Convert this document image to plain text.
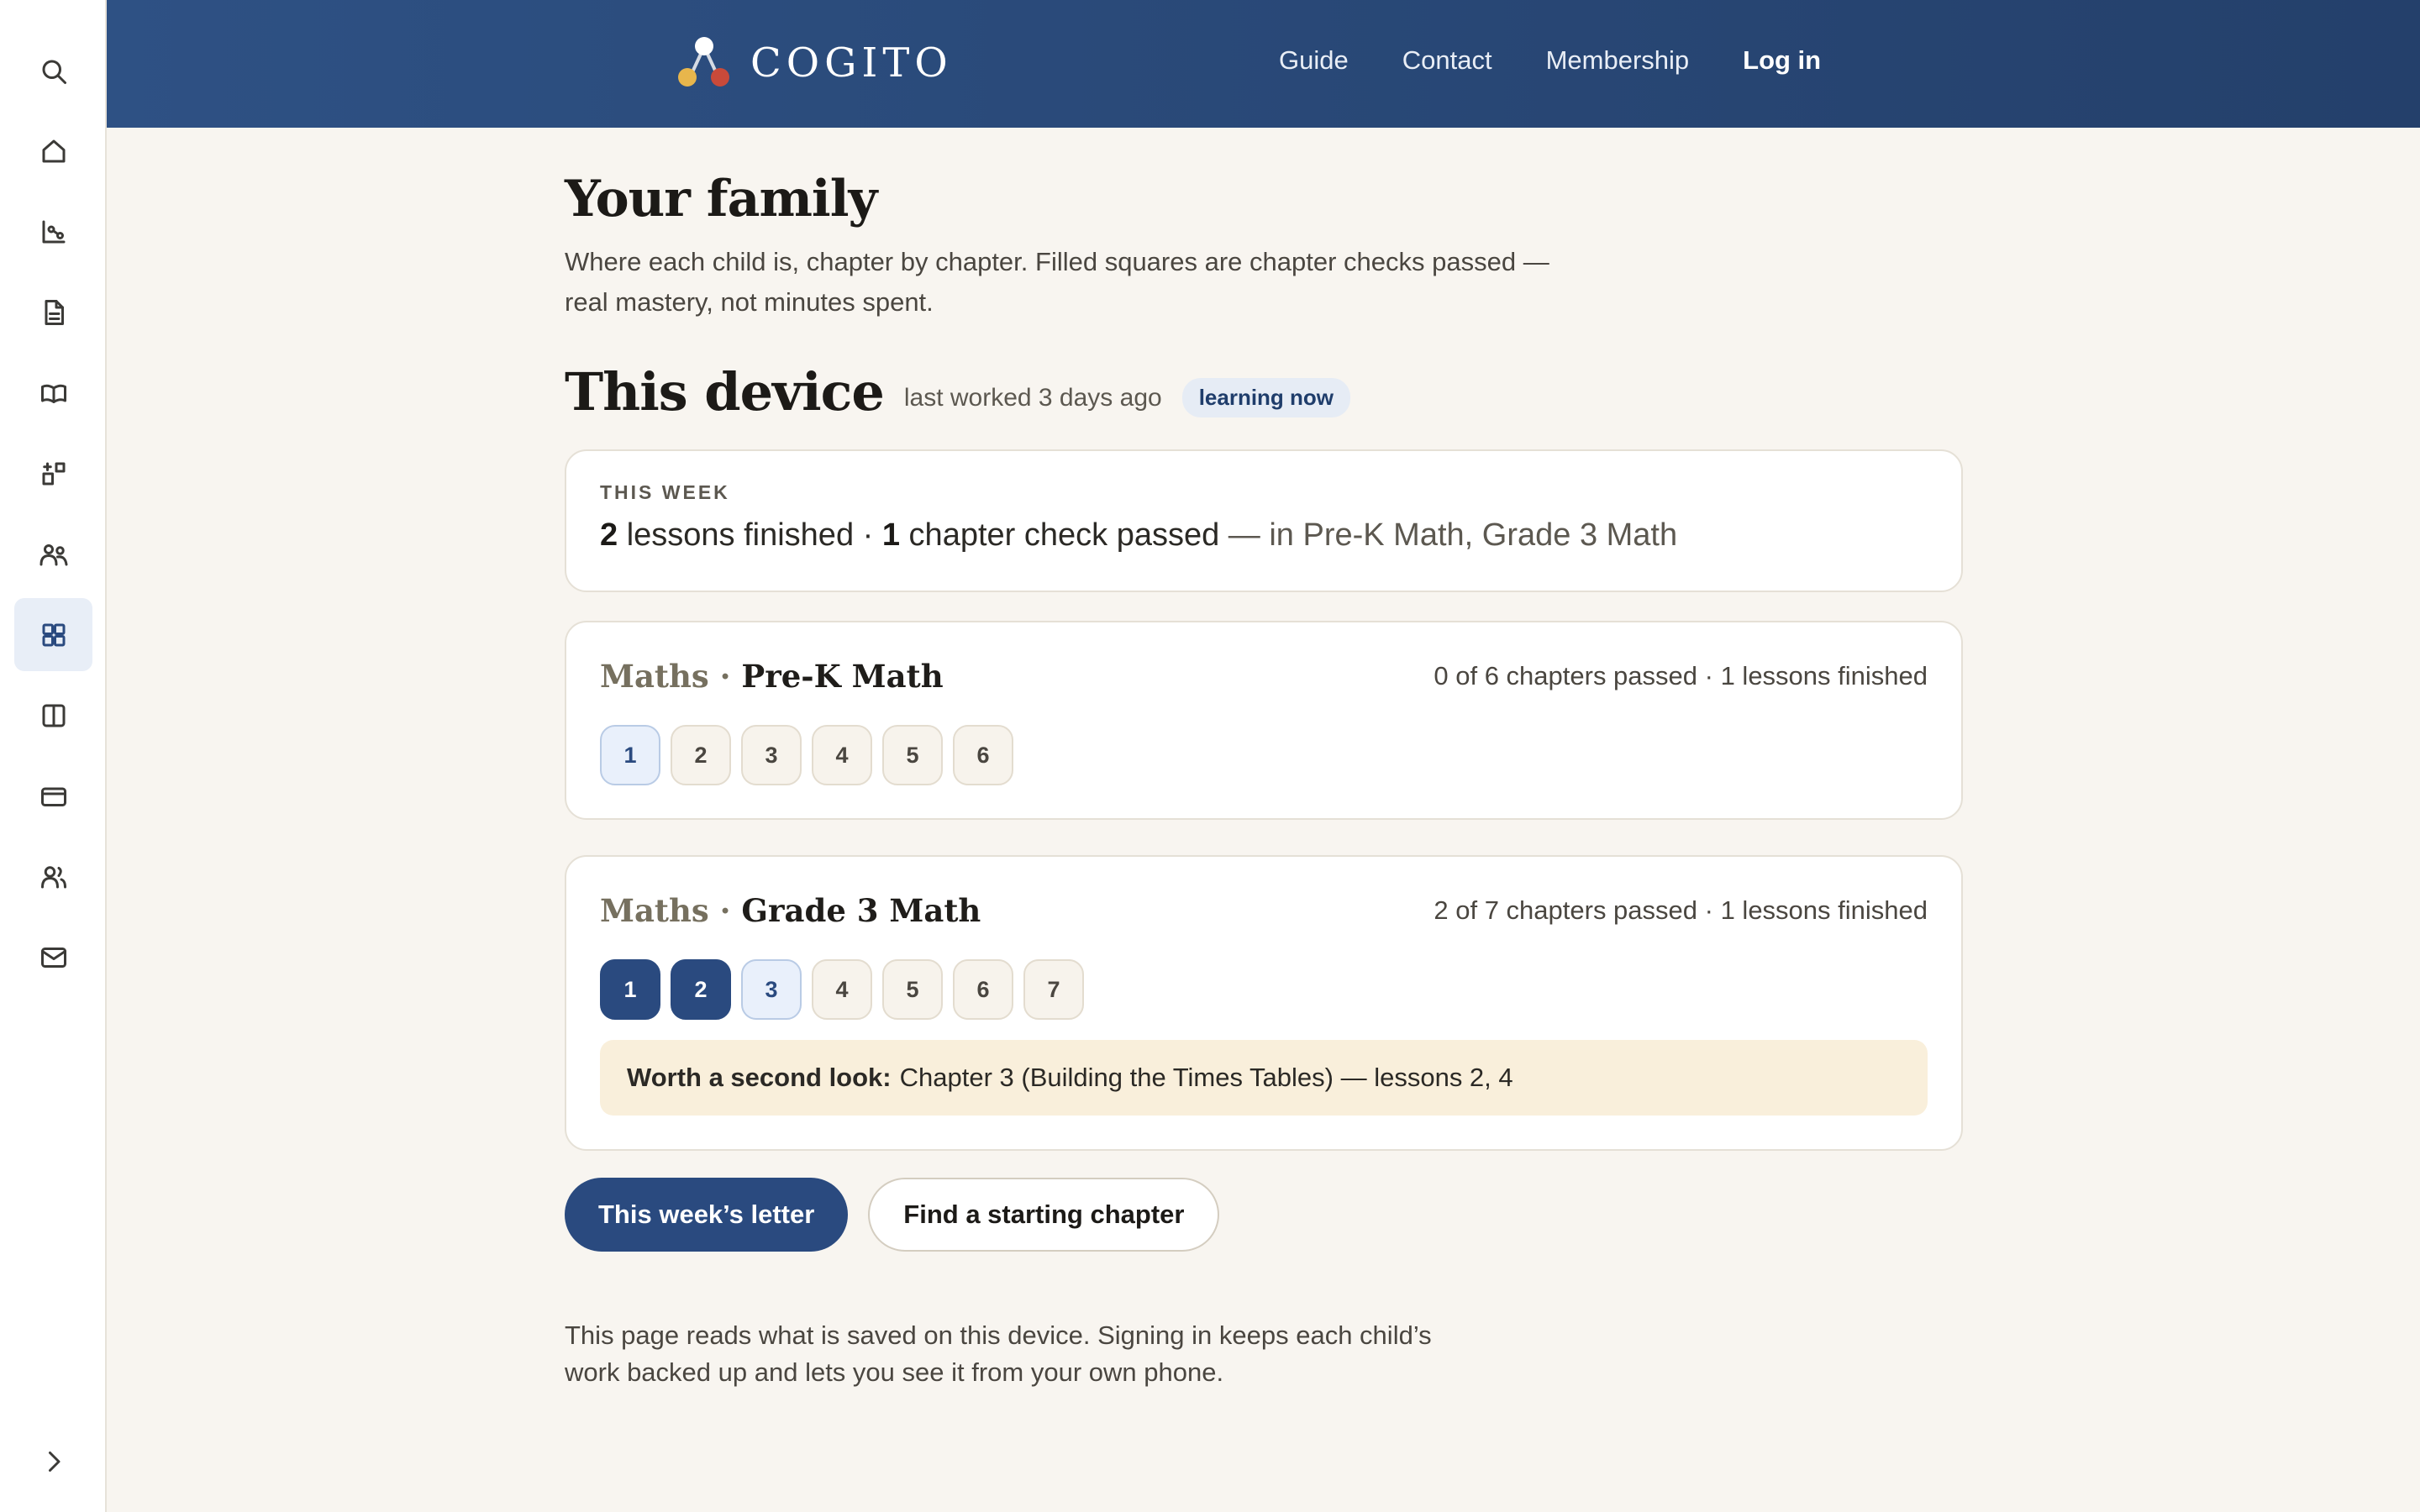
COGITO	Guide Contact Membership Log in
Your family

Where each child is, chapter by chapter. Filled squares are chapter checks passed — real mastery, not minutes spent.

This device last worked 3 days ago	learning now
THIS WEEK
2 lessons finished · 1 chapter check passed — in Pre-K Math, Grade 3 Math
Maths · Pre-K Math	0 of 6 chapters passed · 1 lessons finished
1	2	3	4	5	6
Maths · Grade 3 Math	2 of 7 chapters passed · 1 lessons finished
1	2	3	4	5	6	7
Worth a second look: Chapter 3 (Building the Times Tables) — lessons 2, 4
This week’s letter	Find a starting chapter

This page reads what is saved on this device. Signing in keeps each child’s work backed up and lets you see it from your own phone.
